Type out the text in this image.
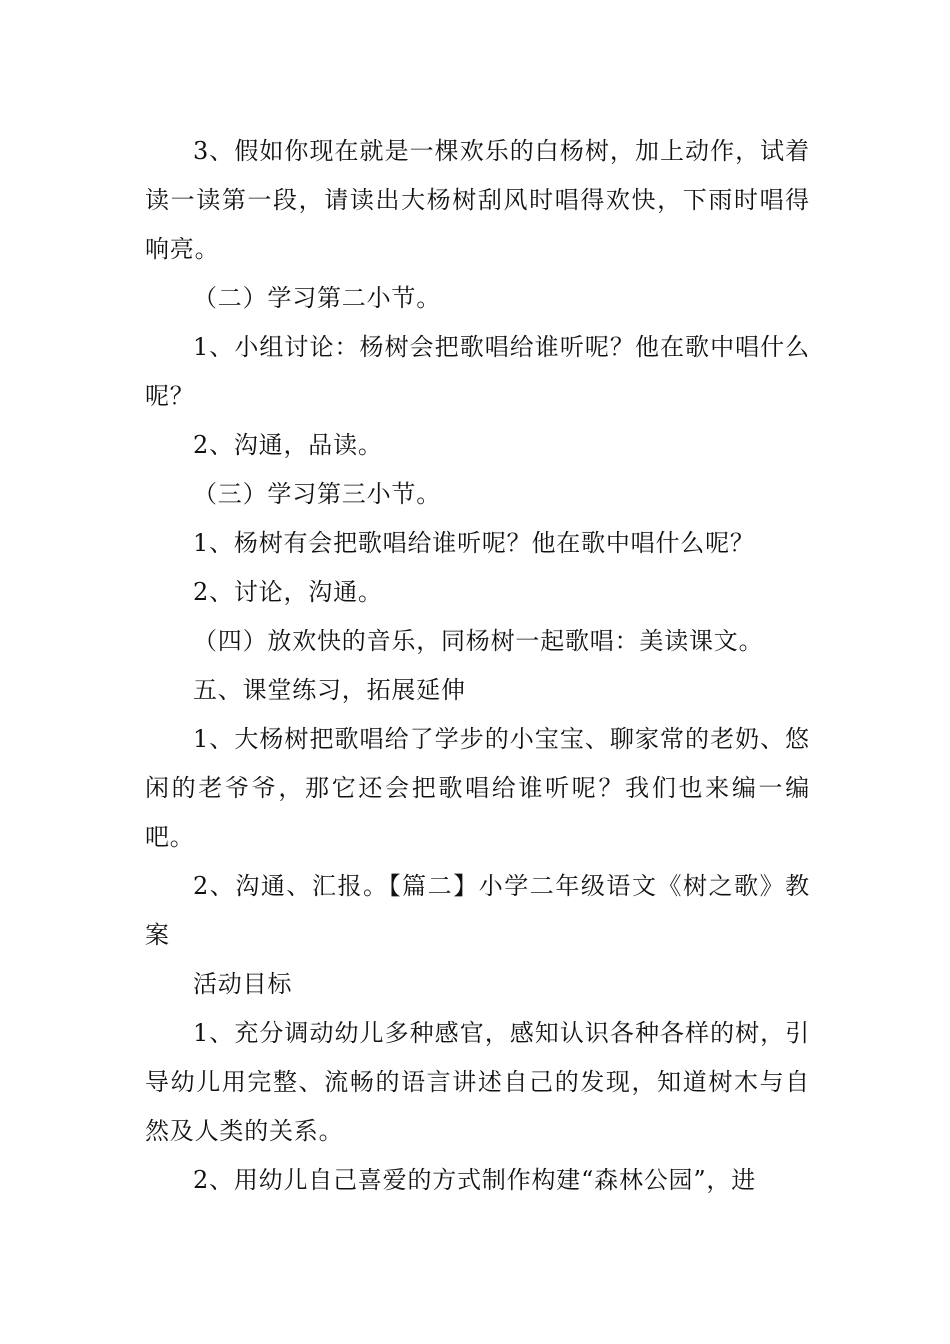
3、假如你现在就是一棵欢乐的白杨树，加上动作，试着读一读第一段，请读出大杨树刮风时唱得欢快，下雨时唱得响亮。

（二）学习第二小节。

1、小组讨论：杨树会把歌唱给谁听呢？他在歌中唱什么呢？

2、沟通，品读。

（三）学习第三小节。

1、杨树有会把歌唱给谁听呢？他在歌中唱什么呢？

2、讨论，沟通。

（四）放欢快的音乐，同杨树一起歌唱：美读课文。

五、课堂练习，拓展延伸

1、大杨树把歌唱给了学步的小宝宝、聊家常的老奶、悠闲的老爷爷，那它还会把歌唱给谁听呢？我们也来编一编吧。

2、沟通、汇报。【篇二】小学二年级语文《树之歌》教案

活动目标

1、充分调动幼儿多种感官，感知认识各种各样的树，引导幼儿用完整、流畅的语言讲述自己的发现，知道树木与自然及人类的关系。

2、用幼儿自己喜爱的方式制作构建“森林公园”，进
